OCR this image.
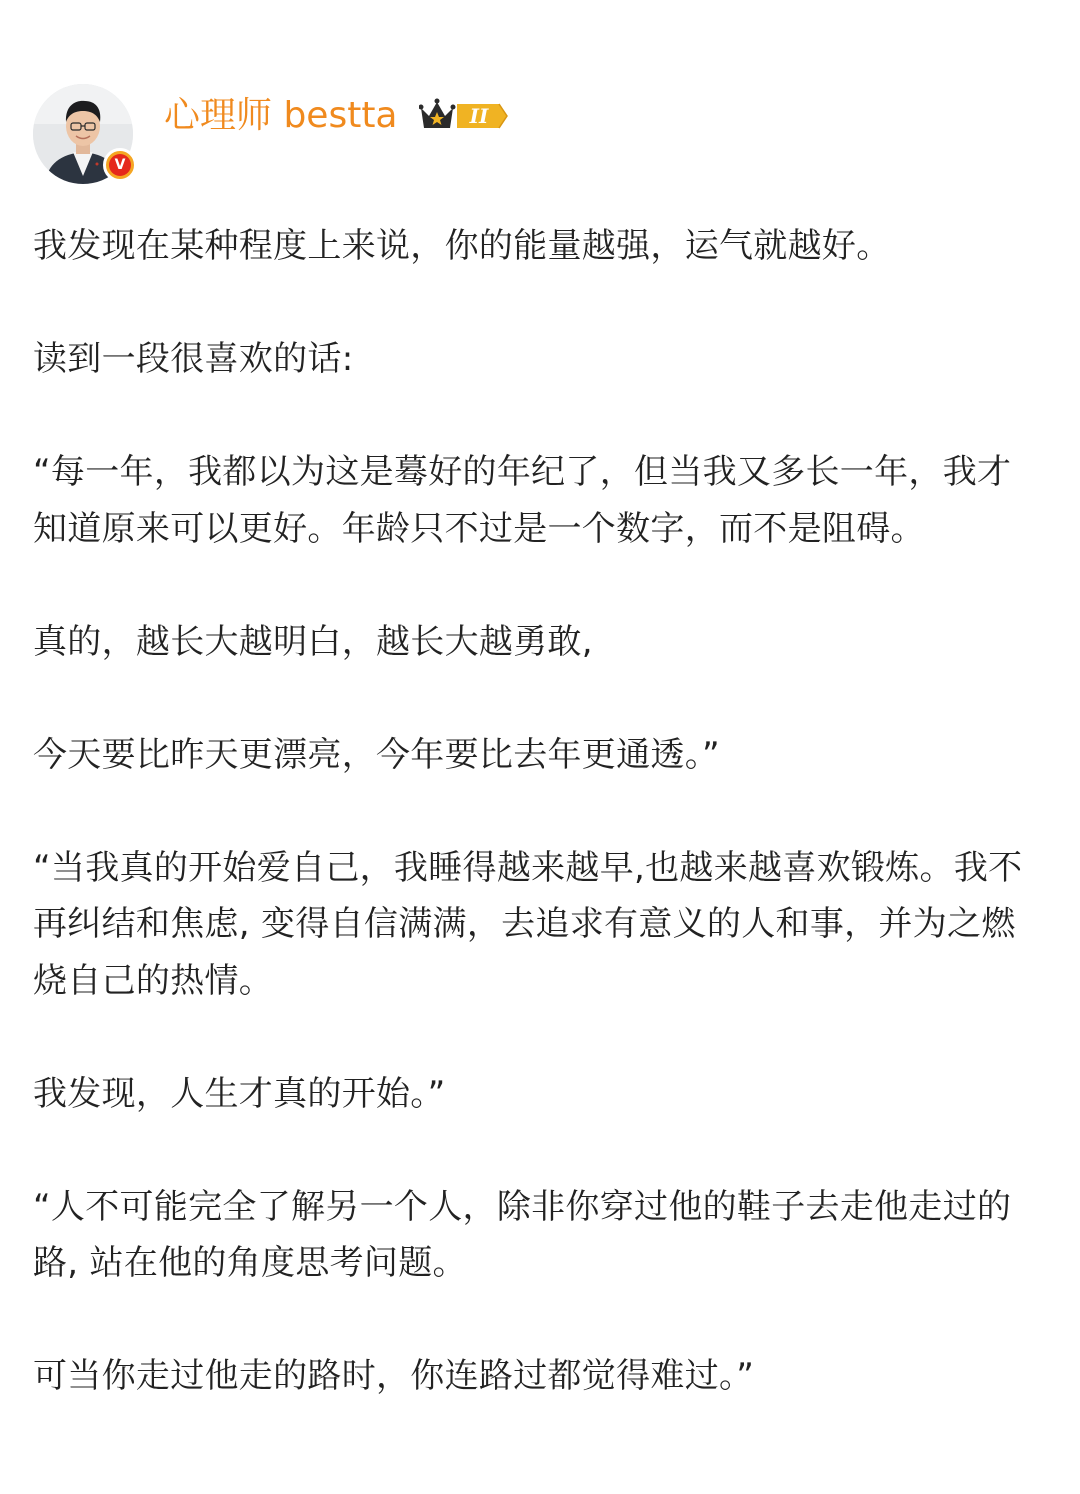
V
心理师 bestta	II

我发现在某种程度上来说，你的能量越强，运气就越好。

读到一段很喜欢的话:

“每一年，我都以为这是蓦好的年纪了，但当我又多长一年，我才知道原来可以更好。年龄只不过是一个数字，而不是阻碍。

真的，越长大越明白，越长大越勇敢,

今天要比昨天更漂亮，今年要比去年更通透。”

“当我真的开始爱自己，我睡得越来越早,也越来越喜欢锻炼。我不再纠结和焦虑, 变得自信满满，去追求有意义的人和事，并为之燃烧自己的热情。

我发现，人生才真的开始。”

“人不可能完全了解另一个人，除非你穿过他的鞋子去走他走过的路, 站在他的角度思考问题。

可当你走过他走的路时，你连路过都觉得难过。”
